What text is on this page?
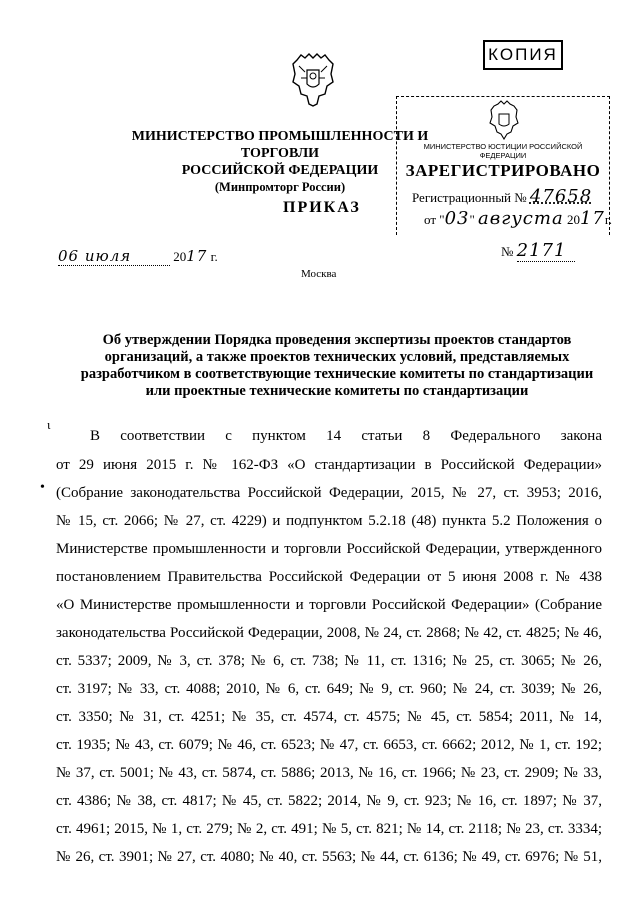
КОПИЯ
МИНИСТЕРСТВО ПРОМЫШЛЕННОСТИ И ТОРГОВЛИ
РОССИЙСКОЙ ФЕДЕРАЦИИ
(Минпромторг России)
МИНИСТЕРСТВО ЮСТИЦИИ РОССИЙСКОЙ ФЕДЕРАЦИИ
ЗАРЕГИСТРИРОВАНО
Регистрационный № 47658
от "03" августа 2017г.
ПРИКАЗ
06 июля	2017 г.	№ 2171
Москва
Об утверждении Порядка проведения экспертизы проектов стандартов
организаций, а также проектов технических условий, представляемых
разработчиком в соответствующие технические комитеты по стандартизации
или проектные технические комитеты по стандартизации
ι
•
В соответствии с пунктом 14 статьи 8 Федерального закона
от 29 июня 2015 г. № 162-ФЗ «О стандартизации в Российской Федерации»
(Собрание законодательства Российской Федерации, 2015, № 27, ст. 3953; 2016,
№ 15, ст. 2066; № 27, ст. 4229) и подпунктом 5.2.18 (48) пункта 5.2 Положения о
Министерстве промышленности и торговли Российской Федерации, утвержденного
постановлением Правительства Российской Федерации от 5 июня 2008 г. № 438
«О Министерстве промышленности и торговли Российской Федерации» (Собрание
законодательства Российской Федерации, 2008, № 24, ст. 2868; № 42, ст. 4825; № 46,
ст. 5337; 2009, № 3, ст. 378; № 6, ст. 738; № 11, ст. 1316; № 25, ст. 3065; № 26,
ст. 3197; № 33, ст. 4088; 2010, № 6, ст. 649; № 9, ст. 960; № 24, ст. 3039; № 26,
ст. 3350; № 31, ст. 4251; № 35, ст. 4574, ст. 4575; № 45, ст. 5854; 2011, № 14,
ст. 1935; № 43, ст. 6079; № 46, ст. 6523; № 47, ст. 6653, ст. 6662; 2012, № 1, ст. 192;
№ 37, ст. 5001; № 43, ст. 5874, ст. 5886; 2013, № 16, ст. 1966; № 23, ст. 2909; № 33,
ст. 4386; № 38, ст. 4817; № 45, ст. 5822; 2014, № 9, ст. 923; № 16, ст. 1897; № 37,
ст. 4961; 2015, № 1, ст. 279; № 2, ст. 491; № 5, ст. 821; № 14, ст. 2118; № 23, ст. 3334;
№ 26, ст. 3901; № 27, ст. 4080; № 40, ст. 5563; № 44, ст. 6136; № 49, ст. 6976; № 51,
